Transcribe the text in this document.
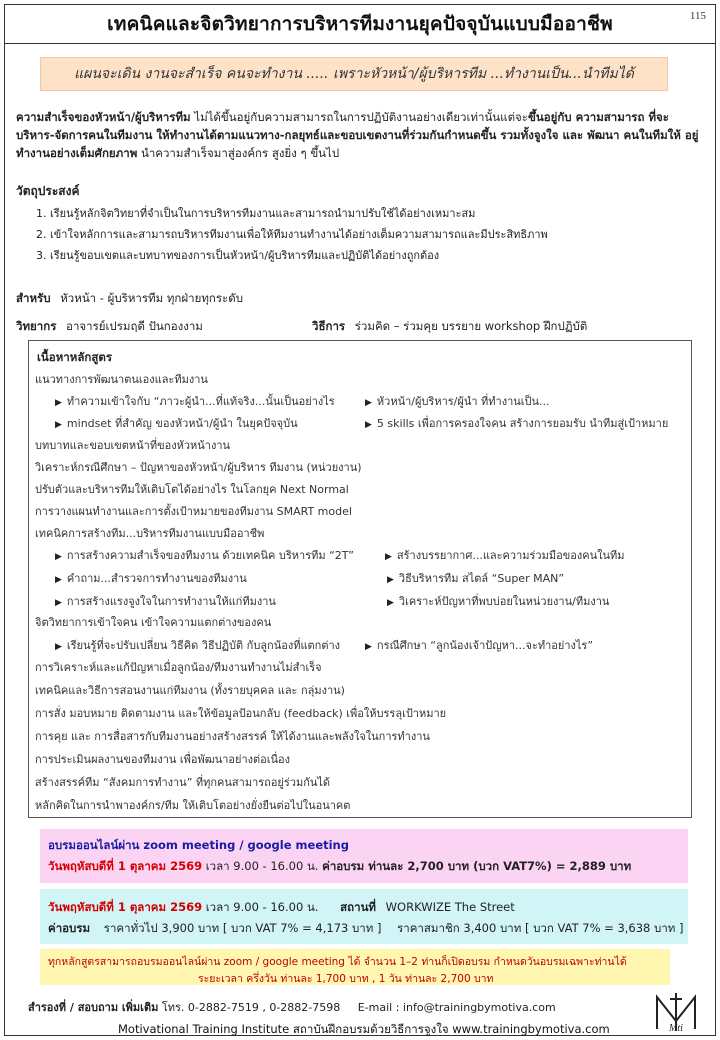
เทคนิคและจิตวิทยาการบริหารทีมงานยุคปัจจุบันแบบมืออาชีพ	115
แผนจะเดิน งานจะสำเร็จ คนจะทำงาน ..... เพราะหัวหน้า/ผู้บริหารทีม ...ทำงานเป็น...นำทีมได้
ความสำเร็จของหัวหน้า/ผู้บริหารทีม ไม่ได้ขึ้นอยู่กับความสามารถในการปฏิบัติงานอย่างเดียวเท่านั้นแต่จะขึ้นอยู่กับ ความสามารถ ที่จะบริหาร-จัดการคนในทีมงาน ให้ทำงานได้ตามแนวทาง-กลยุทธ์และขอบเขตงานที่ร่วมกันกำหนดขึ้น รวมทั้งจูงใจ และ พัฒนา คนในทีมให้ อยู่ ทำงานอย่างเต็มศักยภาพ นำความสำเร็จมาสู่องค์กร สูงยิ่ง ๆ ขึ้นไป
วัตถุประสงค์
1. เรียนรู้หลักจิตวิทยาที่จำเป็นในการบริหารทีมงานและสามารถนำมาปรับใช้ได้อย่างเหมาะสม
2. เข้าใจหลักการและสามารถบริหารทีมงานเพื่อให้ทีมงานทำงานได้อย่างเต็มความสามารถและมีประสิทธิภาพ
3. เรียนรู้ขอบเขตและบทบาทของการเป็นหัวหน้า/ผู้บริหารทีมและปฏิบัติได้อย่างถูกต้อง
สำหรับ หัวหน้า - ผู้บริหารทีม ทุกฝ่ายทุกระดับ
วิทยากร อาจารย์เปรมฤดี ปันกองงาม	วิธีการ ร่วมคิด – ร่วมคุย บรรยาย workshop ฝึกปฏิบัติ
เนื้อหาหลักสูตร
แนวทางการพัฒนาตนเองและทีมงาน
▶ ทำความเข้าใจกับ “ภาวะผู้นำ...ที่แท้จริง...นั้นเป็นอย่างไร	▶ หัวหน้า/ผู้บริหาร/ผู้นำ ที่ทำงานเป็น...
▶ mindset ที่สำคัญ ของหัวหน้า/ผู้นำ ในยุคปัจจุบัน	▶ 5 skills เพื่อการครองใจคน สร้างการยอมรับ นำทีมสู่เป้าหมาย
บทบาทและขอบเขตหน้าที่ของหัวหน้างาน
วิเคราะห์กรณีศึกษา – ปัญหาของหัวหน้า/ผู้บริหาร ทีมงาน (หน่วยงาน)
ปรับตัวและบริหารทีมให้เติบโตได้อย่างไร ในโลกยุค Next Normal
การวางแผนทำงานและการตั้งเป้าหมายของทีมงาน SMART model
เทคนิคการสร้างทีม...บริหารทีมงานแบบมืออาชีพ
▶ การสร้างความสำเร็จของทีมงาน ด้วยเทคนิค บริหารทีม “2T”	▶ สร้างบรรยากาศ...และความร่วมมือของคนในทีม
▶ คำถาม...สำรวจการทำงานของทีมงาน	▶ วิธีบริหารทีม สไตล์ “Super MAN”
▶ การสร้างแรงจูงใจในการทำงานให้แก่ทีมงาน	▶ วิเคราะห์ปัญหาที่พบบ่อยในหน่วยงาน/ทีมงาน
จิตวิทยาการเข้าใจคน เข้าใจความแตกต่างของคน
▶ เรียนรู้ที่จะปรับเปลี่ยน วิธีคิด วิธีปฏิบัติ กับลูกน้องที่แตกต่าง	▶ กรณีศึกษา “ลูกน้องเจ้าปัญหา...จะทำอย่างไร”
การวิเคราะห์และแก้ปัญหาเมื่อลูกน้อง/ทีมงานทำงานไม่สำเร็จ
เทคนิคและวิธีการสอนงานแก่ทีมงาน (ทั้งรายบุคคล และ กลุ่มงาน)
การสั่ง มอบหมาย ติดตามงาน และให้ข้อมูลป้อนกลับ (feedback) เพื่อให้บรรลุเป้าหมาย
การคุย และ การสื่อสารกับทีมงานอย่างสร้างสรรค์ ให้ได้งานและพลังใจในการทำงาน
การประเมินผลงานของทีมงาน เพื่อพัฒนาอย่างต่อเนื่อง
สร้างสรรค์ทีม “สังคมการทำงาน” ที่ทุกคนสามารถอยู่ร่วมกันได้
หลักคิดในการนำพาองค์กร/ทีม ให้เติบโตอย่างยั่งยืนต่อไปในอนาคต
อบรมออนไลน์ผ่าน zoom meeting / google meeting
วันพฤหัสบดีที่ 1 ตุลาคม 2569 เวลา 9.00 - 16.00 น. ค่าอบรม ท่านละ 2,700 บาท (บวก VAT7%) = 2,889 บาท
วันพฤหัสบดีที่ 1 ตุลาคม 2569 เวลา 9.00 - 16.00 น. สถานที่ WORKWIZE The Street
ค่าอบรม ราคาทั่วไป 3,900 บาท [ บวก VAT 7% = 4,173 บาท ] ราคาสมาชิก 3,400 บาท [ บวก VAT 7% = 3,638 บาท ]
ทุกหลักสูตรสามารถอบรมออนไลน์ผ่าน zoom / google meeting ได้ จำนวน 1–2 ท่านก็เปิดอบรม กำหนดวันอบรมเฉพาะท่านได้
ระยะเวลา ครึ่งวัน ท่านละ 1,700 บาท , 1 วัน ท่านละ 2,700 บาท
สำรองที่ / สอบถาม เพิ่มเติม โทร. 0-2882-7519 , 0-2882-7598 E-mail : info@trainingbymotiva.com
Motivational Training Institute สถาบันฝึกอบรมด้วยวิธีการจูงใจ www.trainingbymotiva.com	Mti
